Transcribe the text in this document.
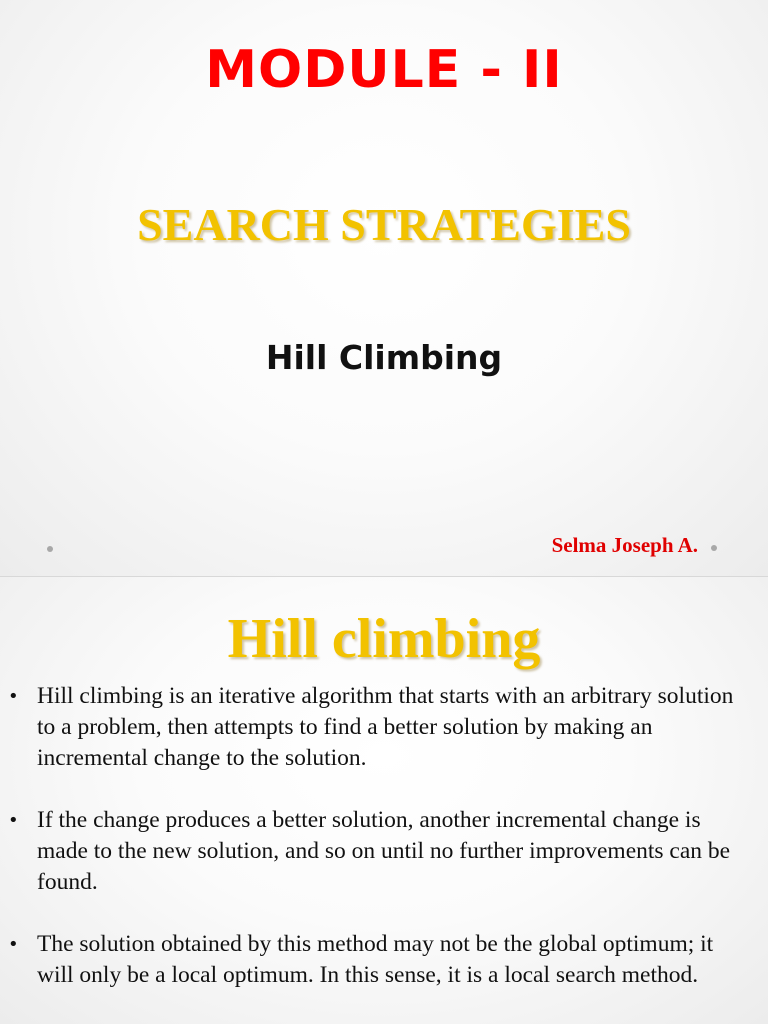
MODULE - II
SEARCH STRATEGIES
Hill Climbing
Selma Joseph A.
Hill climbing
• Hill climbing is an iterative algorithm that starts with an arbitrary solution to a problem, then attempts to find a better solution by making an incremental change to the solution.
• If the change produces a better solution, another incremental change is made to the new solution, and so on until no further improvements can be found.
• The solution obtained by this method may not be the global optimum; it will only be a local optimum. In this sense, it is a local search method.
